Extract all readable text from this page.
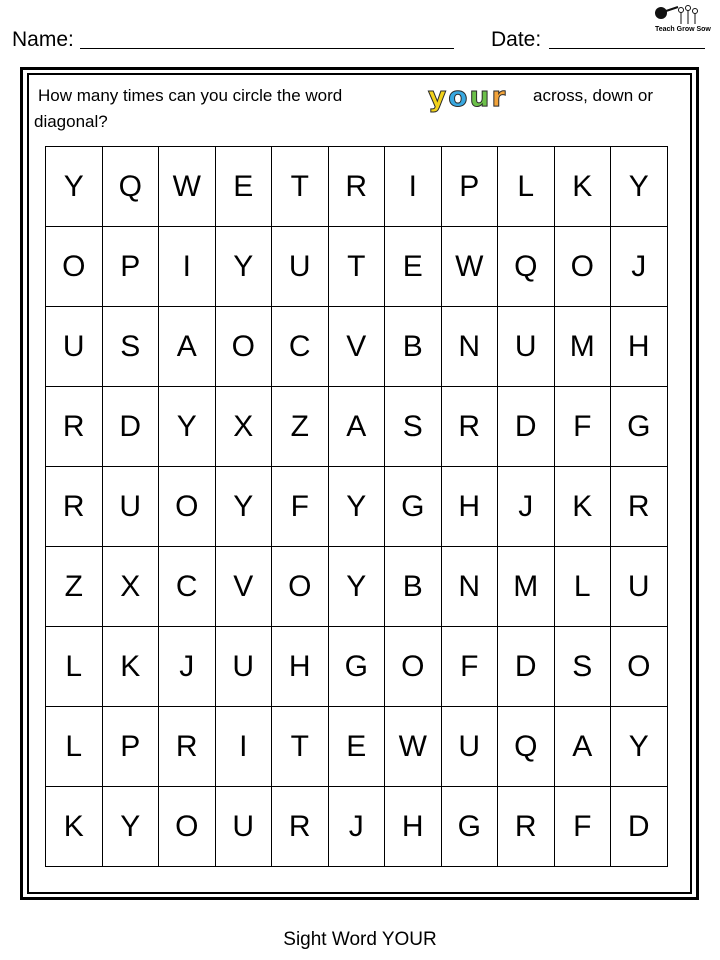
Name:	Date:	Teach Grow Sow
How many times can you circle the word	your across, down or
diagonal?
Y	Q	W	E	T	R	I	P	L	K	Y
O	P	I	Y	U	T	E	W	Q	O	J
U	S	A	O	C	V	B	N	U	M	H
R	D	Y	X	Z	A	S	R	D	F	G
R	U	O	Y	F	Y	G	H	J	K	R
Z	X	C	V	O	Y	B	N	M	L	U
L	K	J	U	H	G	O	F	D	S	O
L	P	R	I	T	E	W	U	Q	A	Y
K	Y	O	U	R	J	H	G	R	F	D
Sight Word YOUR
